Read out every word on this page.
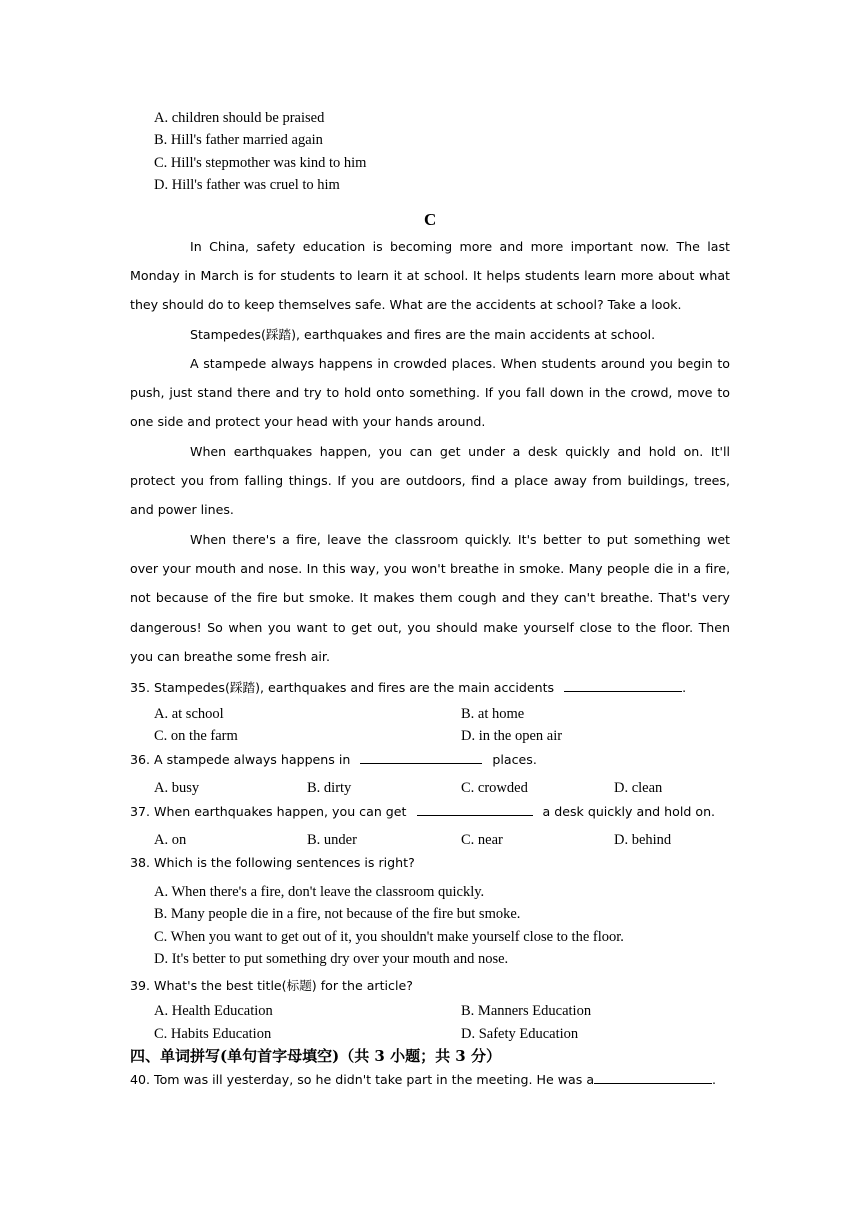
A. children should be praised
B. Hill's father married again
C. Hill's stepmother was kind to him
D. Hill's father was cruel to him
C
In China, safety education is becoming more and more important now. The last Monday in March is for students to learn it at school. It helps students learn more about what they should do to keep themselves safe. What are the accidents at school? Take a look.
Stampedes(踩踏), earthquakes and fires are the main accidents at school.
A stampede always happens in crowded places. When students around you begin to push, just stand there and try to hold onto something. If you fall down in the crowd, move to one side and protect your head with your hands around.
When earthquakes happen, you can get under a desk quickly and hold on. It'll protect you from falling things. If you are outdoors, find a place away from buildings, trees, and power lines.
When there's a fire, leave the classroom quickly. It's better to put something wet over your mouth and nose. In this way, you won't breathe in smoke. Many people die in a fire, not because of the fire but smoke. It makes them cough and they can't breathe. That's very dangerous! So when you want to get out, you should make yourself close to the floor. Then you can breathe some fresh air.
35. Stampedes(踩踏), earthquakes and fires are the main accidents	.
A. at school	B. at home
C. on the farm	D. in the open air
36. A stampede always happens in	places.
A. busy	B. dirty	C. crowded	D. clean
37. When earthquakes happen, you can get	a desk quickly and hold on.
A. on	B. under	C. near	D. behind
38. Which is the following sentences is right?
A. When there's a fire, don't leave the classroom quickly.
B. Many people die in a fire, not because of the fire but smoke.
C. When you want to get out of it, you shouldn't make yourself close to the floor.
D. It's better to put something dry over your mouth and nose.
39. What's the best title(标题) for the article?
A. Health Education	B. Manners Education
C. Habits Education	D. Safety Education
四、单词拼写(单句首字母填空)（共 3 小题；共 3 分）
40. Tom was ill yesterday, so he didn't take part in the meeting. He was a	.
